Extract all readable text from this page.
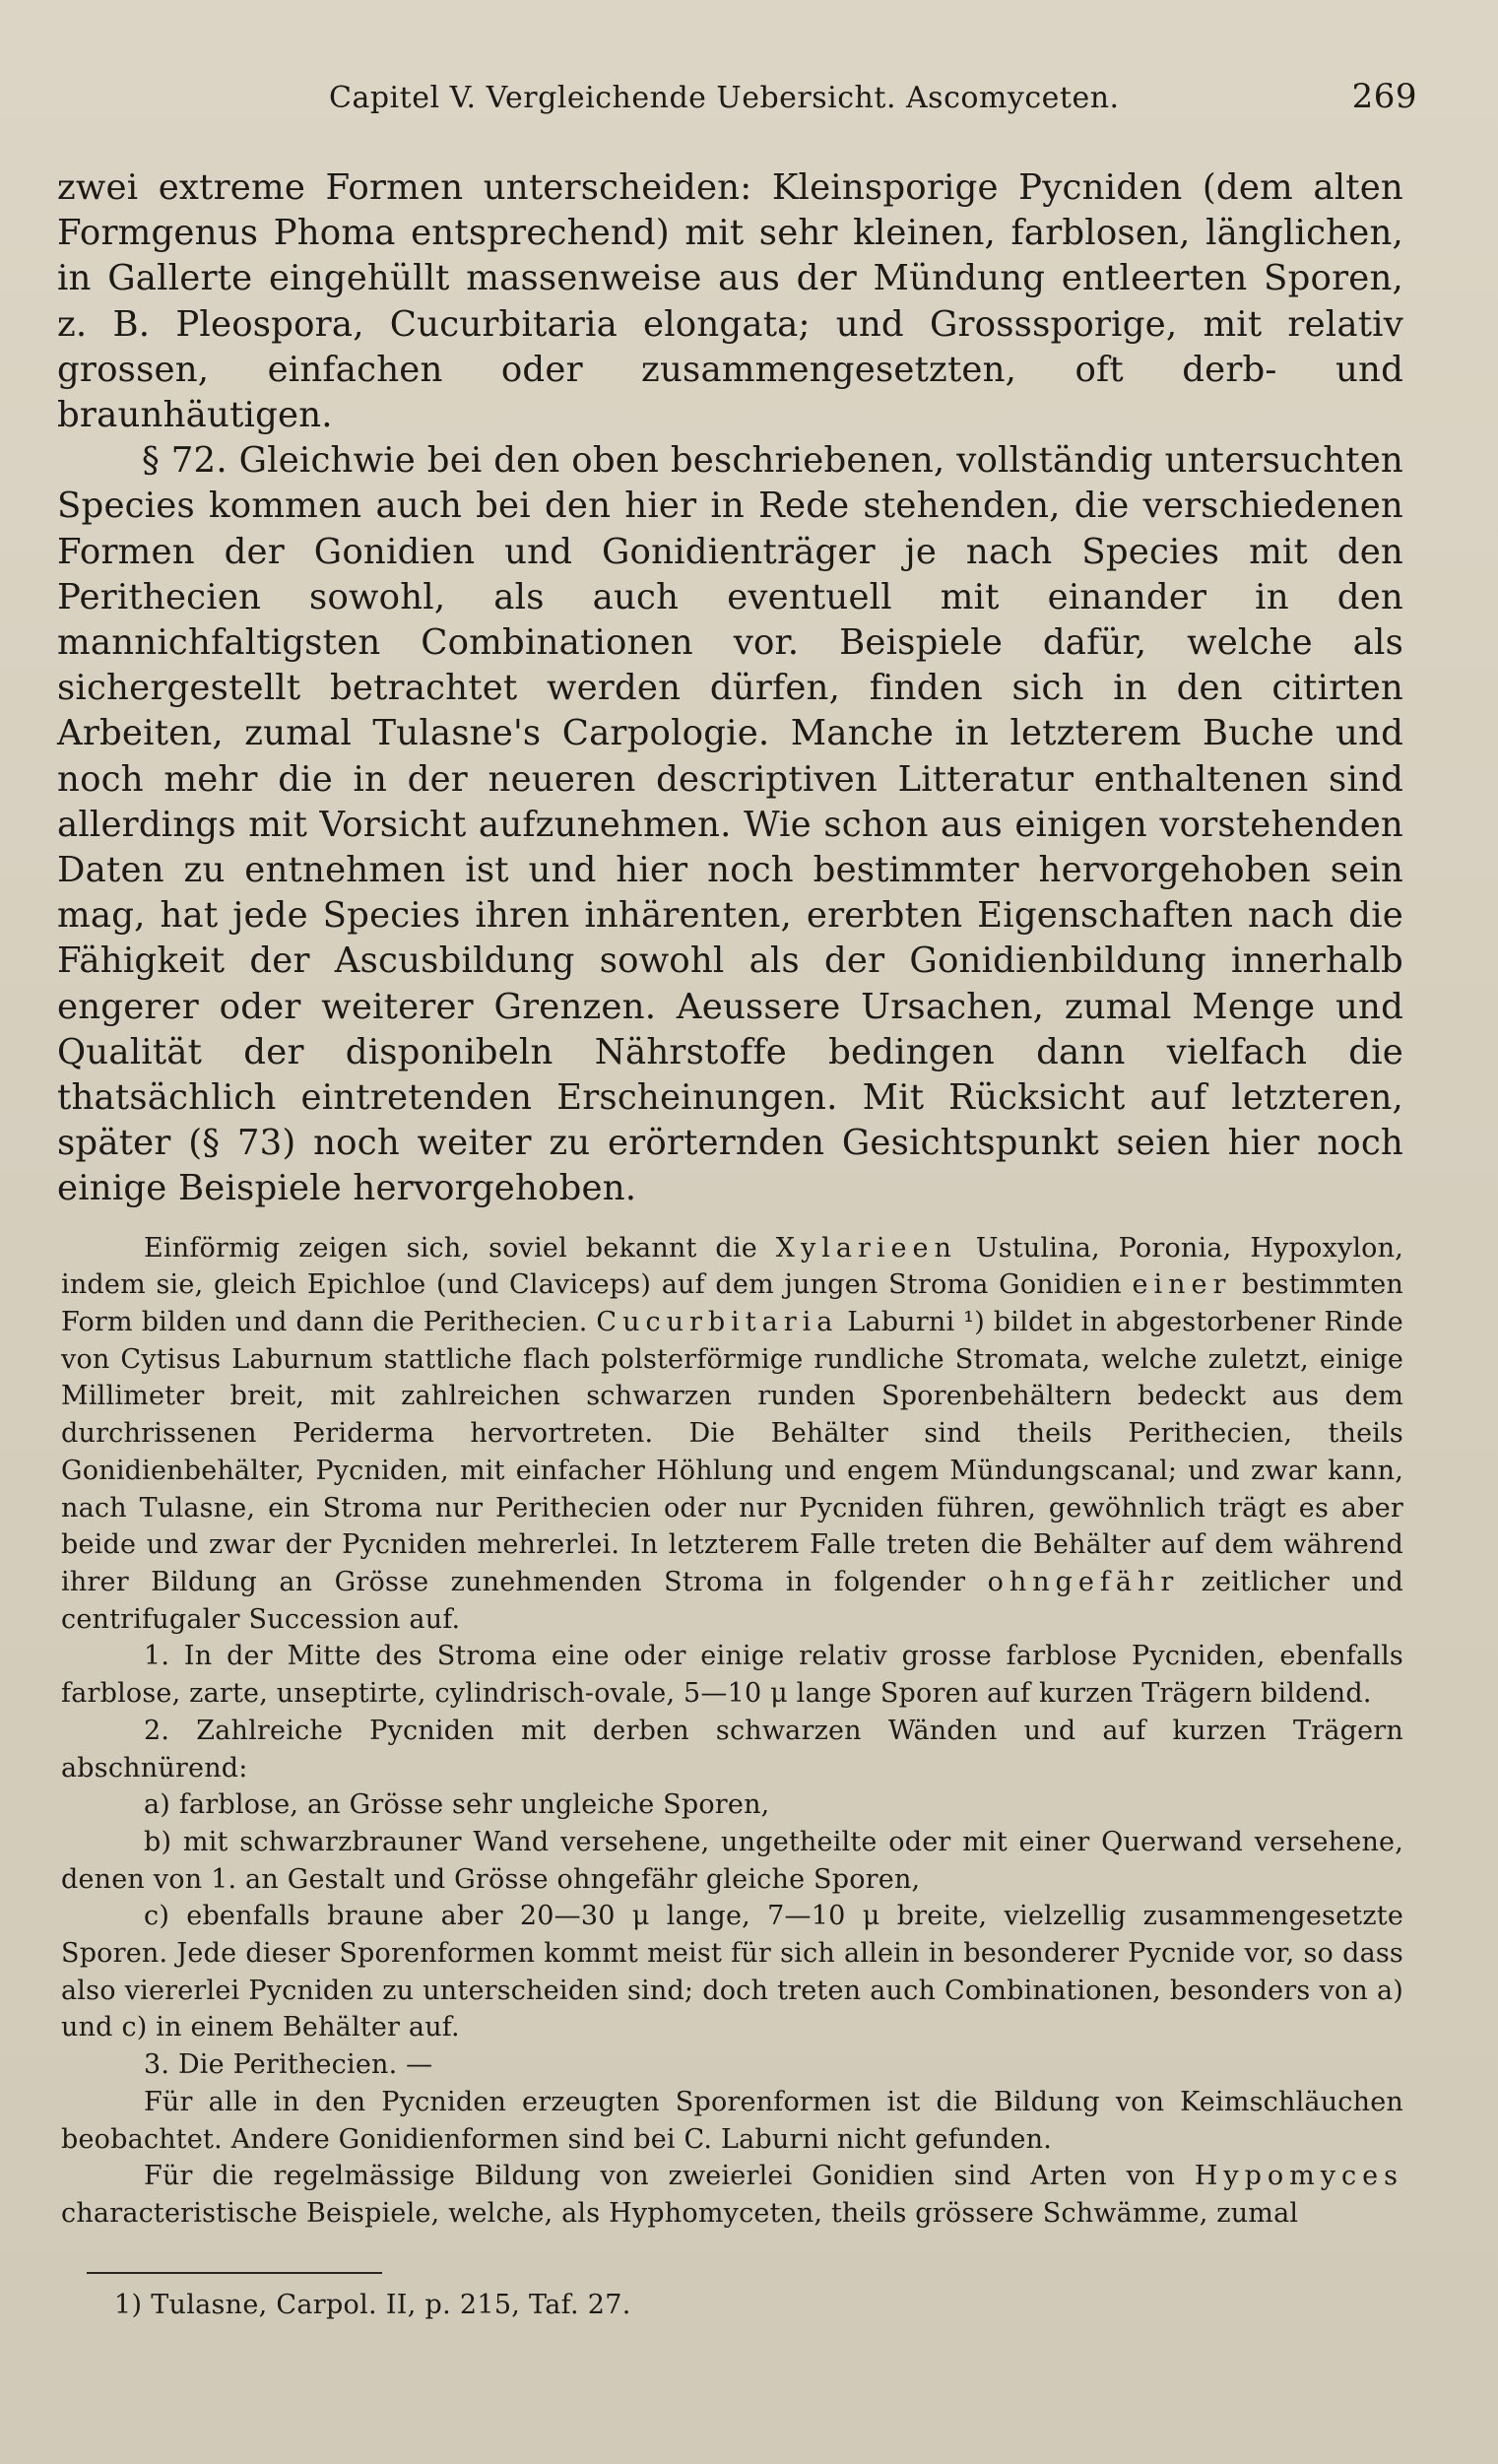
Capitel V. Vergleichende Uebersicht. Ascomyceten.	269

zwei extreme Formen unterscheiden: Kleinsporige Pycniden (dem alten Formgenus Phoma entsprechend) mit sehr kleinen, farblosen, länglichen, in Gallerte eingehüllt massenweise aus der Mündung entleerten Sporen, z. B. Pleospora, Cucurbitaria elongata; und Grosssporige, mit relativ grossen, einfachen oder zusammengesetzten, oft derb- und braunhäutigen.

§ 72. Gleichwie bei den oben beschriebenen, vollständig untersuchten Species kommen auch bei den hier in Rede stehenden, die verschiedenen Formen der Gonidien und Gonidienträger je nach Species mit den Perithecien sowohl, als auch eventuell mit einander in den mannichfaltigsten Combinationen vor. Beispiele dafür, welche als sichergestellt betrachtet werden dürfen, finden sich in den citirten Arbeiten, zumal Tulasne's Carpologie. Manche in letzterem Buche und noch mehr die in der neueren descriptiven Litteratur enthaltenen sind allerdings mit Vorsicht aufzunehmen. Wie schon aus einigen vorstehenden Daten zu entnehmen ist und hier noch bestimmter hervorgehoben sein mag, hat jede Species ihren inhärenten, ererbten Eigenschaften nach die Fähigkeit der Ascusbildung sowohl als der Gonidienbildung innerhalb engerer oder weiterer Grenzen. Aeussere Ursachen, zumal Menge und Qualität der disponibeln Nährstoffe bedingen dann vielfach die thatsächlich eintretenden Erscheinungen. Mit Rücksicht auf letzteren, später (§ 73) noch weiter zu erörternden Gesichtspunkt seien hier noch einige Beispiele hervorgehoben.

Einförmig zeigen sich, soviel bekannt die Xylarieen Ustulina, Poronia, Hypoxylon, indem sie, gleich Epichloe (und Claviceps) auf dem jungen Stroma Gonidien einer bestimmten Form bilden und dann die Perithecien. Cucurbitaria Laburni ¹) bildet in abgestorbener Rinde von Cytisus Laburnum stattliche flach polsterförmige rundliche Stromata, welche zuletzt, einige Millimeter breit, mit zahlreichen schwarzen runden Sporenbehältern bedeckt aus dem durchrissenen Periderma hervortreten. Die Behälter sind theils Perithecien, theils Gonidienbehälter, Pycniden, mit einfacher Höhlung und engem Mündungscanal; und zwar kann, nach Tulasne, ein Stroma nur Perithecien oder nur Pycniden führen, gewöhnlich trägt es aber beide und zwar der Pycniden mehrerlei. In letzterem Falle treten die Behälter auf dem während ihrer Bildung an Grösse zunehmenden Stroma in folgender ohngefähr zeitlicher und centrifugaler Succession auf.

1. In der Mitte des Stroma eine oder einige relativ grosse farblose Pycniden, ebenfalls farblose, zarte, unseptirte, cylindrisch-ovale, 5—10 μ lange Sporen auf kurzen Trägern bildend.

2. Zahlreiche Pycniden mit derben schwarzen Wänden und auf kurzen Trägern abschnürend:

a) farblose, an Grösse sehr ungleiche Sporen,

b) mit schwarzbrauner Wand versehene, ungetheilte oder mit einer Querwand versehene, denen von 1. an Gestalt und Grösse ohngefähr gleiche Sporen,

c) ebenfalls braune aber 20—30 μ lange, 7—10 μ breite, vielzellig zusammengesetzte Sporen. Jede dieser Sporenformen kommt meist für sich allein in besonderer Pycnide vor, so dass also viererlei Pycniden zu unterscheiden sind; doch treten auch Combinationen, besonders von a) und c) in einem Behälter auf.

3. Die Perithecien. —

Für alle in den Pycniden erzeugten Sporenformen ist die Bildung von Keimschläuchen beobachtet. Andere Gonidienformen sind bei C. Laburni nicht gefunden.

Für die regelmässige Bildung von zweierlei Gonidien sind Arten von Hypomyces characteristische Beispiele, welche, als Hyphomyceten, theils grössere Schwämme, zumal

1) Tulasne, Carpol. II, p. 215, Taf. 27.
